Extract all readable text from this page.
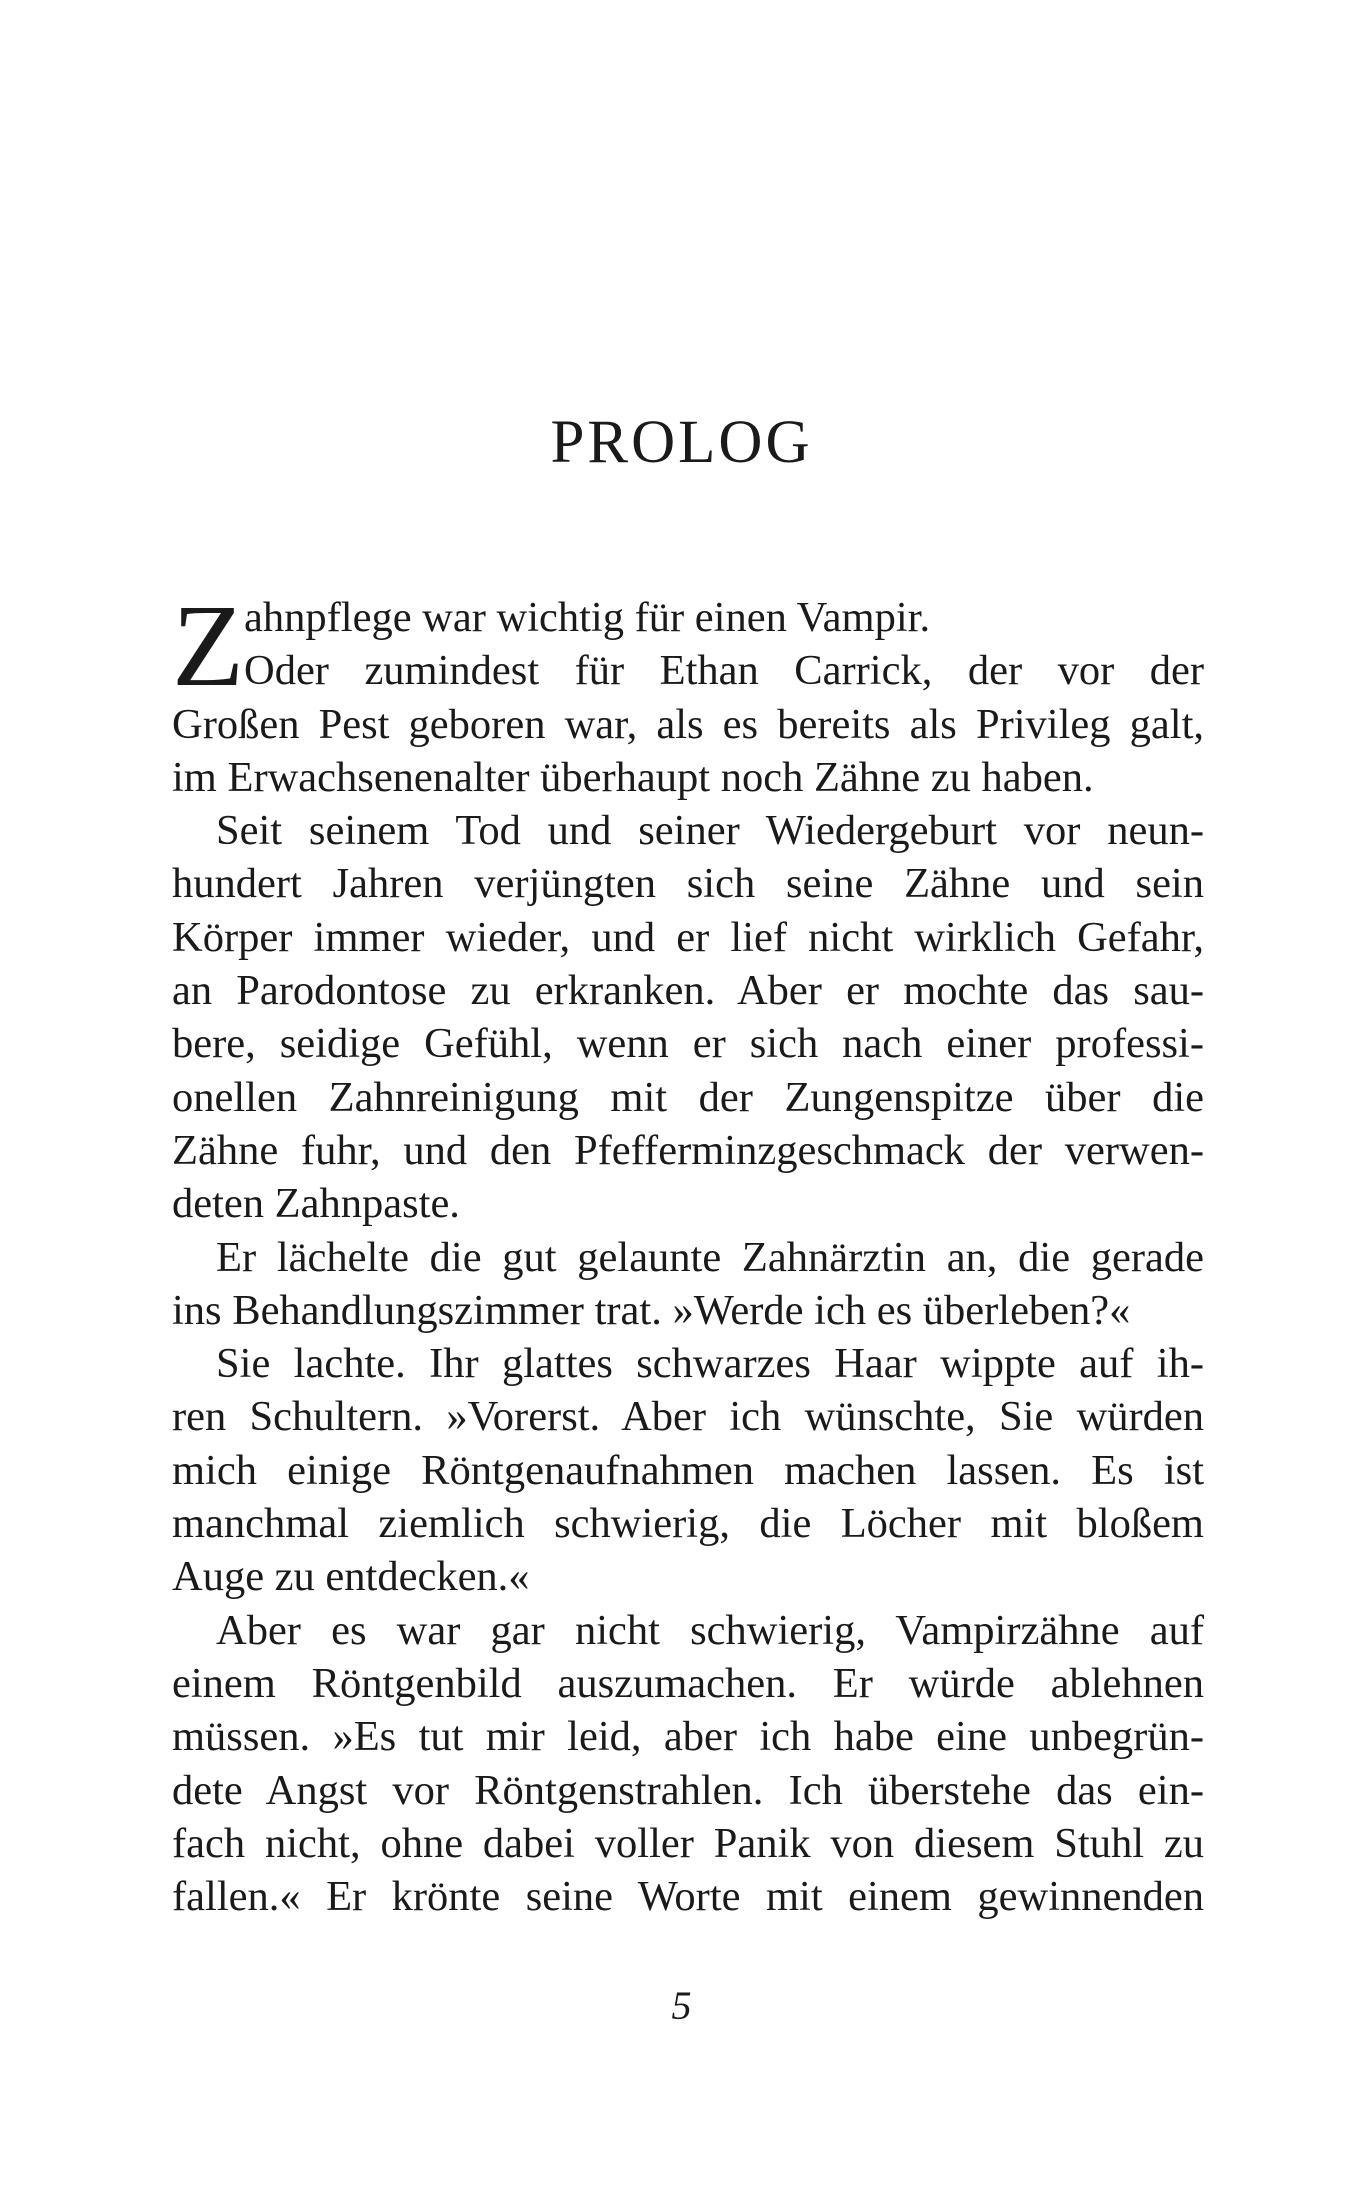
PROLOG
Z ahnpflege war wichtig für einen Vampir.
Oder zumindest für Ethan Carrick, der vor der
Großen Pest geboren war, als es bereits als Privileg galt,
im Erwachsenenalter überhaupt noch Zähne zu haben.
Seit seinem Tod und seiner Wiedergeburt vor neun-
hundert Jahren verjüngten sich seine Zähne und sein
Körper immer wieder, und er lief nicht wirklich Gefahr,
an Parodontose zu erkranken. Aber er mochte das sau-
bere, seidige Gefühl, wenn er sich nach einer professi-
onellen Zahnreinigung mit der Zungenspitze über die
Zähne fuhr, und den Pfefferminzgeschmack der verwen-
deten Zahnpaste.
Er lächelte die gut gelaunte Zahnärztin an, die gerade
ins Behandlungszimmer trat. »Werde ich es überleben?«
Sie lachte. Ihr glattes schwarzes Haar wippte auf ih-
ren Schultern. »Vorerst. Aber ich wünschte, Sie würden
mich einige Röntgenaufnahmen machen lassen. Es ist
manchmal ziemlich schwierig, die Löcher mit bloßem
Auge zu entdecken.«
Aber es war gar nicht schwierig, Vampirzähne auf
einem Röntgenbild auszumachen. Er würde ablehnen
müssen. »Es tut mir leid, aber ich habe eine unbegrün-
dete Angst vor Röntgenstrahlen. Ich überstehe das ein-
fach nicht, ohne dabei voller Panik von diesem Stuhl zu
fallen.« Er krönte seine Worte mit einem gewinnenden
5
